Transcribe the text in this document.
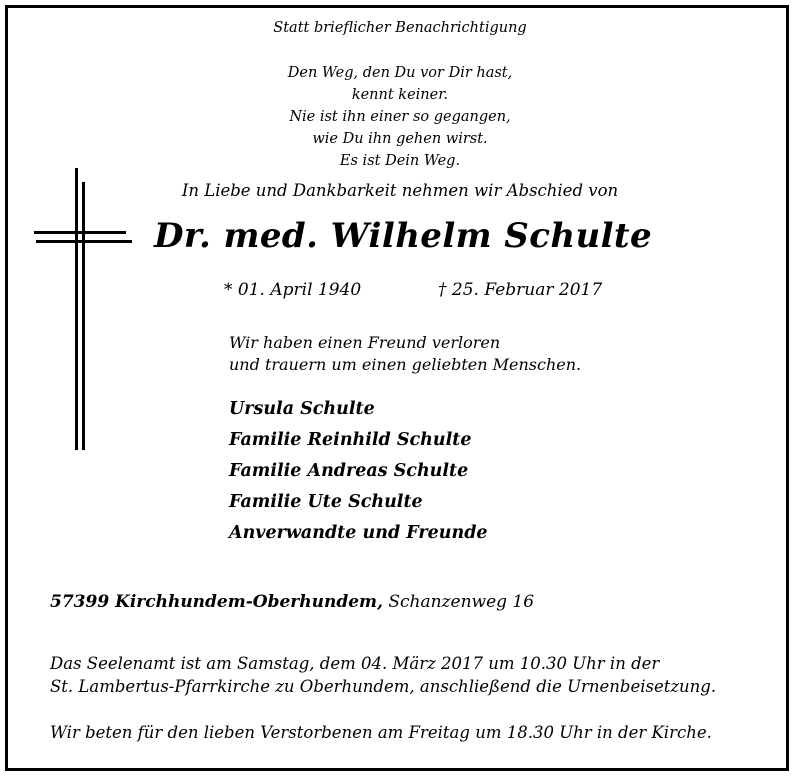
Statt brieflicher Benachrichtigung
Den Weg, den Du vor Dir hast,
kennt keiner.
Nie ist ihn einer so gegangen,
wie Du ihn gehen wirst.
Es ist Dein Weg.
In Liebe und Dankbarkeit nehmen wir Abschied von
Dr. med. Wilhelm Schulte
* 01. April 1940	† 25. Februar 2017
Wir haben einen Freund verloren
und trauern um einen geliebten Menschen.
Ursula Schulte
Familie Reinhild Schulte
Familie Andreas Schulte
Familie Ute Schulte
Anverwandte und Freunde
57399 Kirchhundem-Oberhundem, Schanzenweg 16
Das Seelenamt ist am Samstag, dem 04. März 2017 um 10.30 Uhr in der
St. Lambertus-Pfarrkirche zu Oberhundem, anschließend die Urnenbeisetzung.
Wir beten für den lieben Verstorbenen am Freitag um 18.30 Uhr in der Kirche.
